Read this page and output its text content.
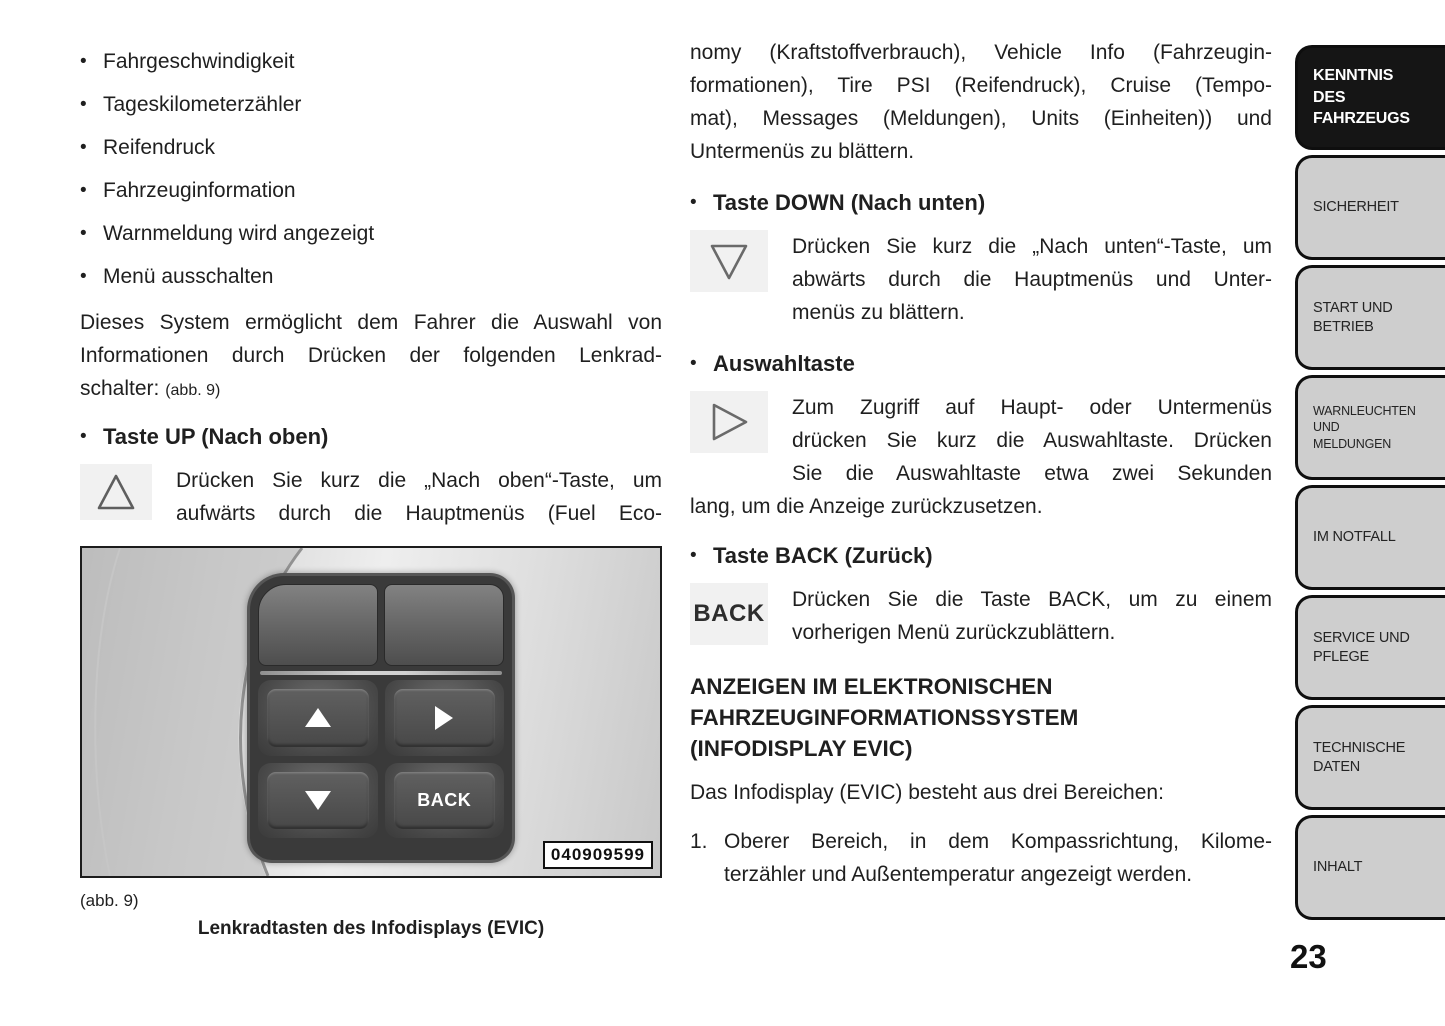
• Fahrgeschwindigkeit
• Tageskilometerzähler
• Reifendruck
• Fahrzeuginformation
• Warnmeldung wird angezeigt
• Menü ausschalten
Dieses System ermöglicht dem Fahrer die Auswahl von
Informationen durch Drücken der folgenden Lenkrad-
schalter: (abb. 9)
• Taste UP (Nach oben)
Drücken Sie kurz die „Nach oben“-Taste, um
aufwärts durch die Hauptmenüs (Fuel Eco-
BACK
040909599
(abb. 9)
Lenkradtasten des Infodisplays (EVIC)
nomy (Kraftstoffverbrauch), Vehicle Info (Fahrzeugin-
formationen), Tire PSI (Reifendruck), Cruise (Tempo-
mat), Messages (Meldungen), Units (Einheiten)) und
Untermenüs zu blättern.
• Taste DOWN (Nach unten)
Drücken Sie kurz die „Nach unten“-Taste, um
abwärts durch die Hauptmenüs und Unter-
menüs zu blättern.
• Auswahltaste
Zum Zugriff auf Haupt- oder Untermenüs
drücken Sie kurz die Auswahltaste. Drücken
Sie die Auswahltaste etwa zwei Sekunden
lang, um die Anzeige zurückzusetzen.
• Taste BACK (Zurück)
BACK
Drücken Sie die Taste BACK, um zu einem
vorherigen Menü zurückzublättern.
ANZEIGEN IM ELEKTRONISCHEN
FAHRZEUGINFORMATIONSSYSTEM
(INFODISPLAY EVIC)
Das Infodisplay (EVIC) besteht aus drei Bereichen:
1. Oberer Bereich, in dem Kompassrichtung, Kilome-
terzähler und Außentemperatur angezeigt werden.
KENNTNIS DES FAHRZEUGS
SICHERHEIT
START UND BETRIEB
WARNLEUCHTEN UND MELDUNGEN
IM NOTFALL
SERVICE UND PFLEGE
TECHNISCHE DATEN
INHALT
23
